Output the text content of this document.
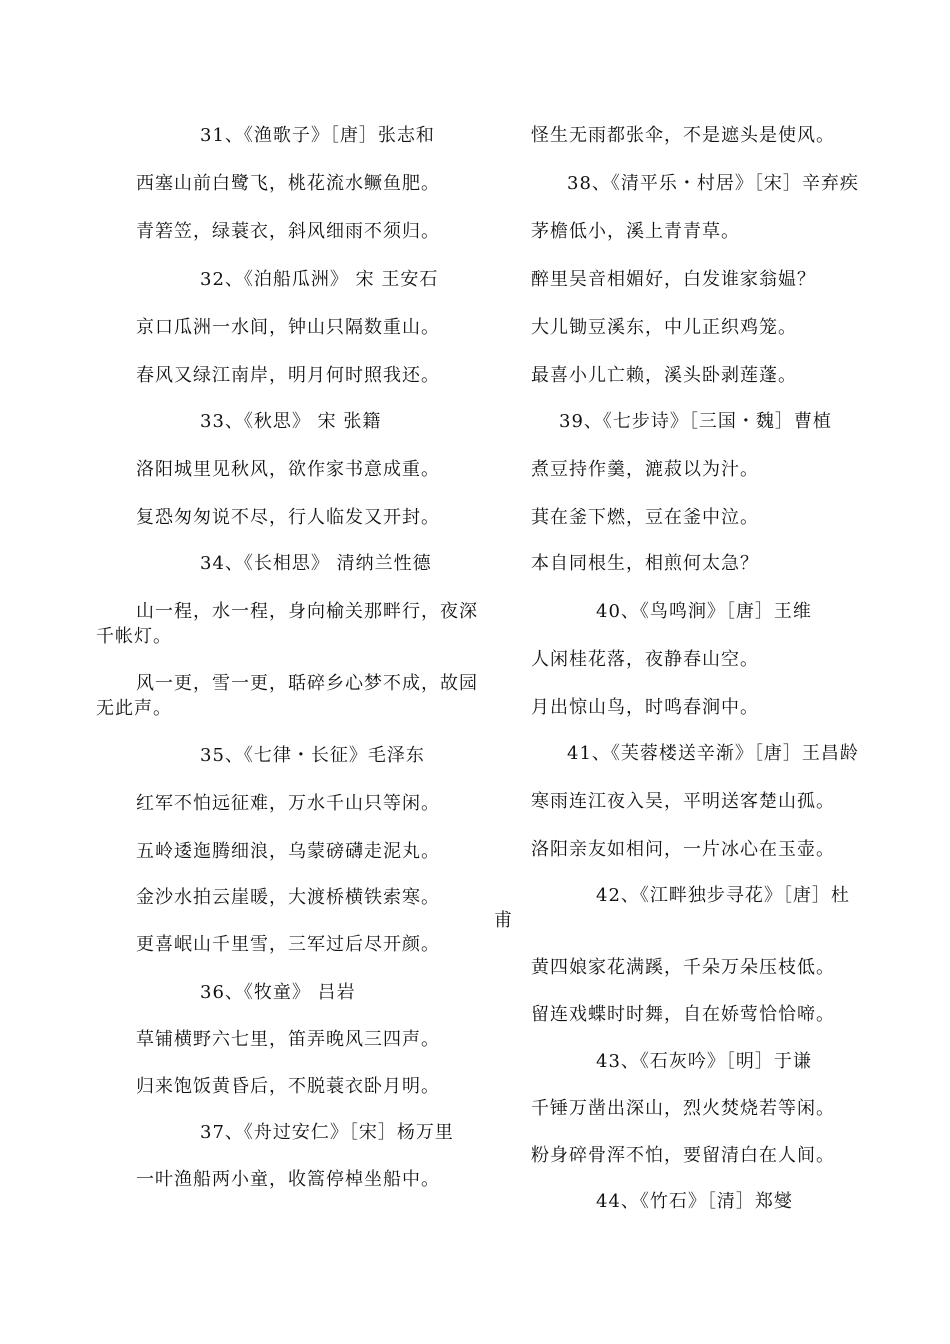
31、《渔歌子》［唐］张志和
西塞山前白鹭飞，桃花流水鳜鱼肥。
青箬笠，绿蓑衣，斜风细雨不须归。
32、《泊船瓜洲》 宋 王安石
京口瓜洲一水间，钟山只隔数重山。
春风又绿江南岸，明月何时照我还。
33、《秋思》 宋 张籍
洛阳城里见秋风，欲作家书意成重。
复恐匆匆说不尽，行人临发又开封。
34、《长相思》 清纳兰性德
山一程，水一程，身向榆关那畔行，夜深
千帐灯。
风一更，雪一更，聒碎乡心梦不成，故园
无此声。
35、《七律・长征》毛泽东
红军不怕远征难，万水千山只等闲。
五岭逶迤腾细浪，乌蒙磅礴走泥丸。
金沙水拍云崖暖，大渡桥横铁索寒。
更喜岷山千里雪，三军过后尽开颜。
36、《牧童》 吕岩
草铺横野六七里，笛弄晚风三四声。
归来饱饭黄昏后，不脱蓑衣卧月明。
37、《舟过安仁》［宋］杨万里
一叶渔船两小童，收篙停棹坐船中。
怪生无雨都张伞，不是遮头是使风。
38、《清平乐・村居》［宋］辛弃疾
茅檐低小，溪上青青草。
醉里吴音相媚好，白发谁家翁媪？
大儿锄豆溪东，中儿正织鸡笼。
最喜小儿亡赖，溪头卧剥莲蓬。
39、《七步诗》［三国・魏］曹植
煮豆持作羹，漉菽以为汁。
萁在釜下燃，豆在釜中泣。
本自同根生，相煎何太急？
40、《鸟鸣涧》［唐］王维
人闲桂花落，夜静春山空。
月出惊山鸟，时鸣春涧中。
41、《芙蓉楼送辛渐》［唐］王昌龄
寒雨连江夜入吴，平明送客楚山孤。
洛阳亲友如相问，一片冰心在玉壶。
42、《江畔独步寻花》［唐］杜
甫
黄四娘家花满蹊，千朵万朵压枝低。
留连戏蝶时时舞，自在娇莺恰恰啼。
43、《石灰吟》［明］于谦
千锤万凿出深山，烈火焚烧若等闲。
粉身碎骨浑不怕，要留清白在人间。
44、《竹石》［清］郑燮
